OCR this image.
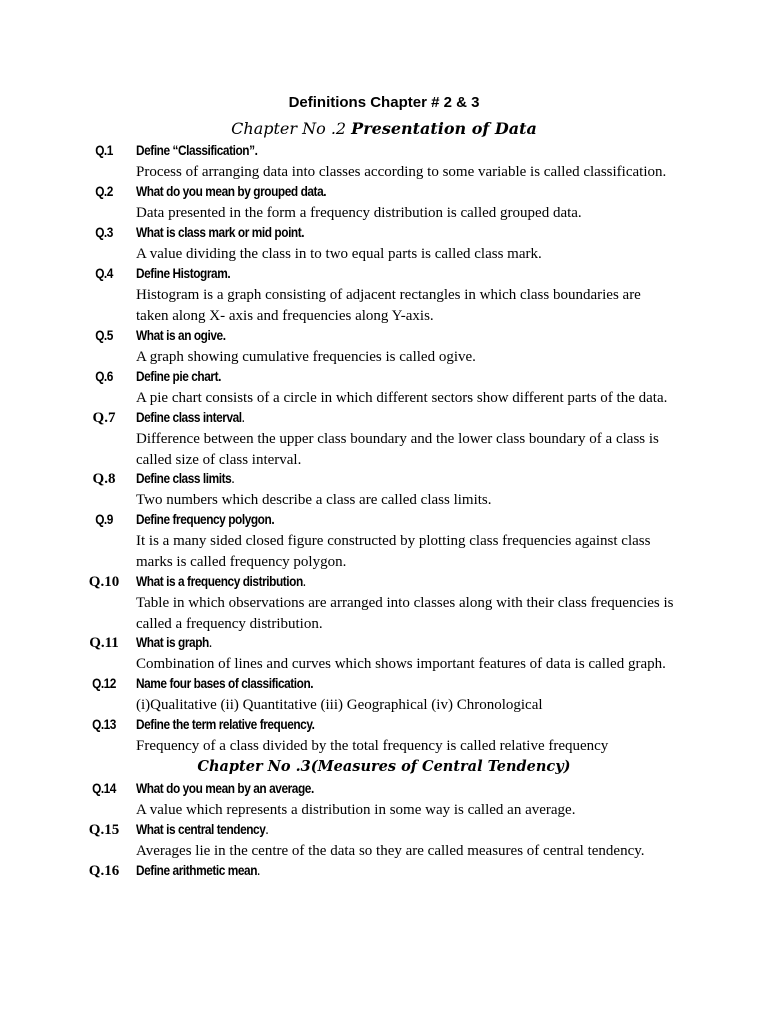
Definitions Chapter # 2 & 3
Chapter No .2 Presentation of Data
Chapter No .3(Measures of Central Tendency)
Q.1	Define “Classification”.
Process of arranging data into classes according to some variable is called classification.
Q.2	What do you mean by grouped data.
Data presented in the form a frequency distribution is called grouped data.
Q.3	What is class mark or mid point.
A value dividing the class in to two equal parts is called class mark.
Q.4	Define Histogram.
Histogram is a graph consisting of adjacent rectangles in which class boundaries are
taken along X- axis and frequencies along Y-axis.
Q.5	What is an ogive.
A graph showing cumulative frequencies is called ogive.
Q.6	Define pie chart.
A pie chart consists of a circle in which different sectors show different parts of the data.
Q.7	Define class interval.
Difference between the upper class boundary and the lower class boundary of a class is
called size of class interval.
Q.8	Define class limits.
Two numbers which describe a class are called class limits.
Q.9	Define frequency polygon.
It is a many sided closed figure constructed by plotting class frequencies against class
marks is called frequency polygon.
Q.10	What is a frequency distribution.
Table in which observations are arranged into classes along with their class frequencies is
called a frequency distribution.
Q.11	What is graph.
Combination of lines and curves which shows important features of data is called graph.
Q.12	Name four bases of classification.
(i)Qualitative (ii) Quantitative (iii) Geographical (iv) Chronological
Q.13	Define the term relative frequency.
Frequency of a class divided by the total frequency is called relative frequency
Q.14	What do you mean by an average.
A value which represents a distribution in some way is called an average.
Q.15	What is central tendency.
Averages lie in the centre of the data so they are called measures of central tendency.
Q.16	Define arithmetic mean.
